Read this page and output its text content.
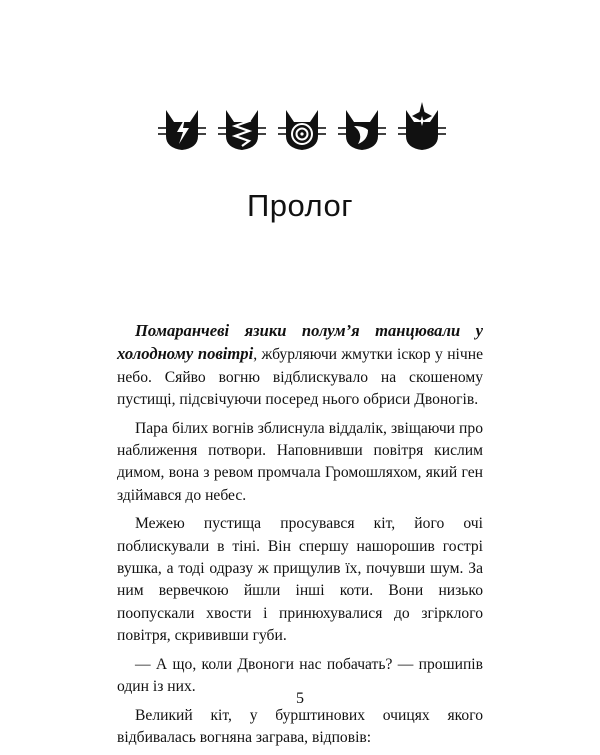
Пролог

Помаранчеві язики полум’я танцювали у холодному повітрі, жбурляючи жмутки іскор у нічне небо. Сяйво вогню відблискувало на скошеному пустищі, підсвічуючи посеред нього обриси Двоногів.

Пара білих вогнів зблиснула віддалік, звіщаючи про наближення потвори. Наповнивши повітря кислим димом, вона з ревом промчала Громошляхом, який ген здіймався до небес.

Межею пустища просувався кіт, його очі поблискували в тіні. Він спершу нашорошив гострі вушка, а тоді одразу ж прищулив їх, почувши шум. За ним вервечкою йшли інші коти. Вони низько поопускали хвости і принюхувалися до згірклого повітря, скрививши губи.

— А що, коли Двоноги нас побачать? — прошипів один із них.

Великий кіт, у бурштинових очицях якого відбивалась вогняна заграва, відповів:

5
